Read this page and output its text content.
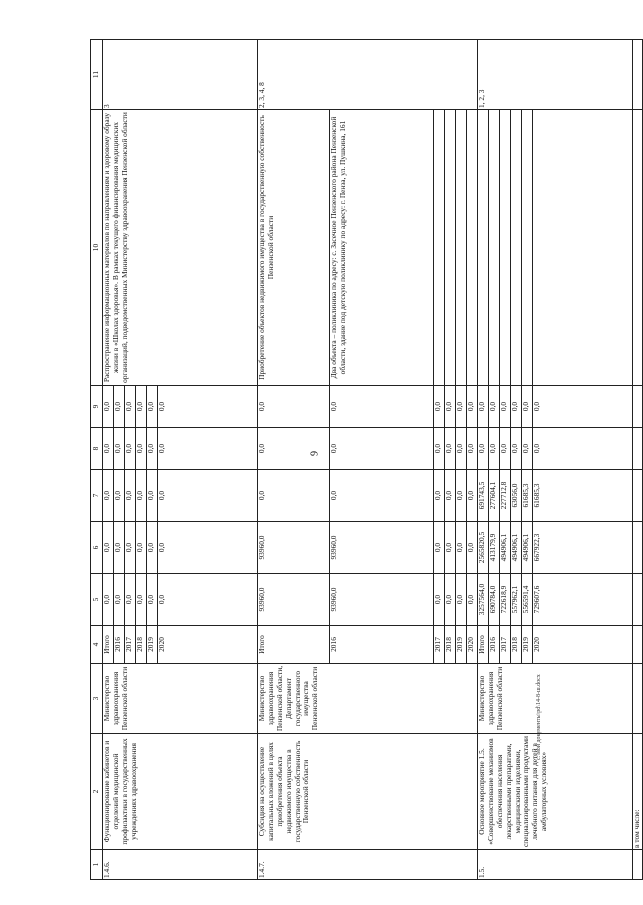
9
c:\мои документы\pd\14-8-ш.docx
1	2	3	4	5	6	7	8	9	10	11
1.4.6.	Функционирование кабинетов и отделений медицинской профилактики в государственных учреждениях здравоохранения	Министерство здравоохранения Пензенской области	Итого	0,0	0,0	0,0	0,0	0,0	Распространение информационных материалов по направлениям и здоровому образу жизни в «Школах здоровья». В рамках текущего финансирования медицинских организаций, подведомственных Министерству здравоохранения Пензенской области	3
			2016	0,0	0,0	0,0	0,0	0,0		
			2017	0,0	0,0	0,0	0,0	0,0		
			2018	0,0	0,0	0,0	0,0	0,0		
			2019	0,0	0,0	0,0	0,0	0,0		
			2020	0,0	0,0	0,0	0,0	0,0		
1.4.7.	Субсидия на осуществление капитальных вложений в целях приобретения объекта недвижимого имущества в государственную собственность Пензенской области	Министерство здравоохранения Пензенской области, Департамент государственного имущества Пензенской области	Итого	93960,0	93960,0	0,0	0,0	0,0	Приобретение объектов недвижимого имущества в государственную собственность Пензенской области	2, 3, 4, 8
			2016	93960,0	93960,0	0,0	0,0	0,0	Два объекта – поликлиника по адресу: с. Засечное Пензенского района Пензенской области, здание под детскую поликлинику по адресу: г. Пенза, ул. Пушкина, 161	
			2017	0,0	0,0	0,0	0,0	0,0		
			2018	0,0	0,0	0,0	0,0	0,0		
			2019	0,0	0,0	0,0	0,0	0,0		
			2020	0,0	0,0	0,0	0,0	0,0		
1.5.	Основное мероприятие 1.5. «Совершенствование механизмов обеспечения населения лекарственными препаратами, медицинскими изделиями, специализированными продуктами лечебного питания для детей в амбулаторных условиях»	Министерство здравоохранения Пензенской области	Итого	3257564,0	2565820,5	691743,5	0,0	0,0		1, 2, 3
			2016	690784,0	413179,9	277604,1	0,0	0,0		
			2017	722618,9	494906,1	227712,8	0,0	0,0		
			2018	557962,1	494906,1	63056,0	0,0	0,0		
			2019	556591,4	494906,1	61685,3	0,0	0,0		
			2020	729607,6	667922,3	61685,3	0,0	0,0		
	в том числе:									
